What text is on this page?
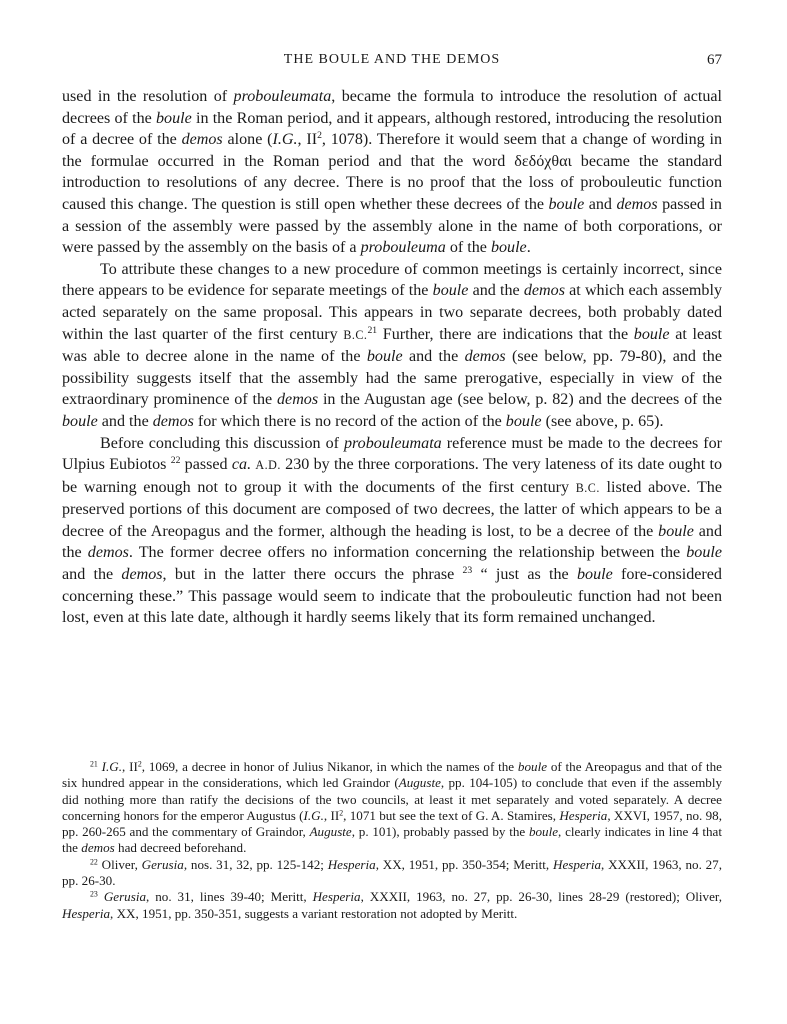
THE BOULE AND THE DEMOS	67

used in the resolution of probouleumata, became the formula to introduce the resolution of actual decrees of the boule in the Roman period, and it appears, although restored, introducing the resolution of a decree of the demos alone (I.G., $II^2$, 1078). Therefore it would seem that a change of wording in the formulae occurred in the Roman period and that the word δεδόχθαι became the standard introduction to resolutions of any decree. There is no proof that the loss of probouleutic function caused this change. The question is still open whether these decrees of the boule and demos passed in a session of the assembly were passed by the assembly alone in the name of both corporations, or were passed by the assembly on the basis of a probouleuma of the boule.

To attribute these changes to a new procedure of common meetings is certainly incorrect, since there appears to be evidence for separate meetings of the boule and the demos at which each assembly acted separately on the same proposal. This appears in two separate decrees, both probably dated within the last quarter of the first century B.C.$^{21}$ Further, there are indications that the boule at least was able to decree alone in the name of the boule and the demos (see below, pp. 79-80), and the possibility suggests itself that the assembly had the same prerogative, especially in view of the extraordinary prominence of the demos in the Augustan age (see below, p. 82) and the decrees of the boule and the demos for which there is no record of the action of the boule (see above, p. 65).

Before concluding this discussion of probouleumata reference must be made to the decrees for Ulpius Eubiotos $^{22}$ passed ca. A.D. 230 by the three corporations. The very lateness of its date ought to be warning enough not to group it with the documents of the first century B.C. listed above. The preserved portions of this document are composed of two decrees, the latter of which appears to be a decree of the Areopagus and the former, although the heading is lost, to be a decree of the boule and the demos. The former decree offers no information concerning the relationship between the boule and the demos, but in the latter there occurs the phrase $^{23}$ “ just as the boule fore-considered concerning these.” This passage would seem to indicate that the probouleutic function had not been lost, even at this late date, although it hardly seems likely that its form remained unchanged.

$^{21}$ I.G., $II^2$, 1069, a decree in honor of Julius Nikanor, in which the names of the boule of the Areopagus and that of the six hundred appear in the considerations, which led Graindor (Auguste, pp. 104-105) to conclude that even if the assembly did nothing more than ratify the decisions of the two councils, at least it met separately and voted separately. A decree concerning honors for the emperor Augustus (I.G., $II^2$, 1071 but see the text of G. A. Stamires, Hesperia, XXVI, 1957, no. 98, pp. 260-265 and the commentary of Graindor, Auguste, p. 101), probably passed by the boule, clearly indicates in line 4 that the demos had decreed beforehand.

$^{22}$ Oliver, Gerusia, nos. 31, 32, pp. 125-142; Hesperia, XX, 1951, pp. 350-354; Meritt, Hesperia, XXXII, 1963, no. 27, pp. 26-30.

$^{23}$ Gerusia, no. 31, lines 39-40; Meritt, Hesperia, XXXII, 1963, no. 27, pp. 26-30, lines 28-29 (restored); Oliver, Hesperia, XX, 1951, pp. 350-351, suggests a variant restoration not adopted by Meritt.
